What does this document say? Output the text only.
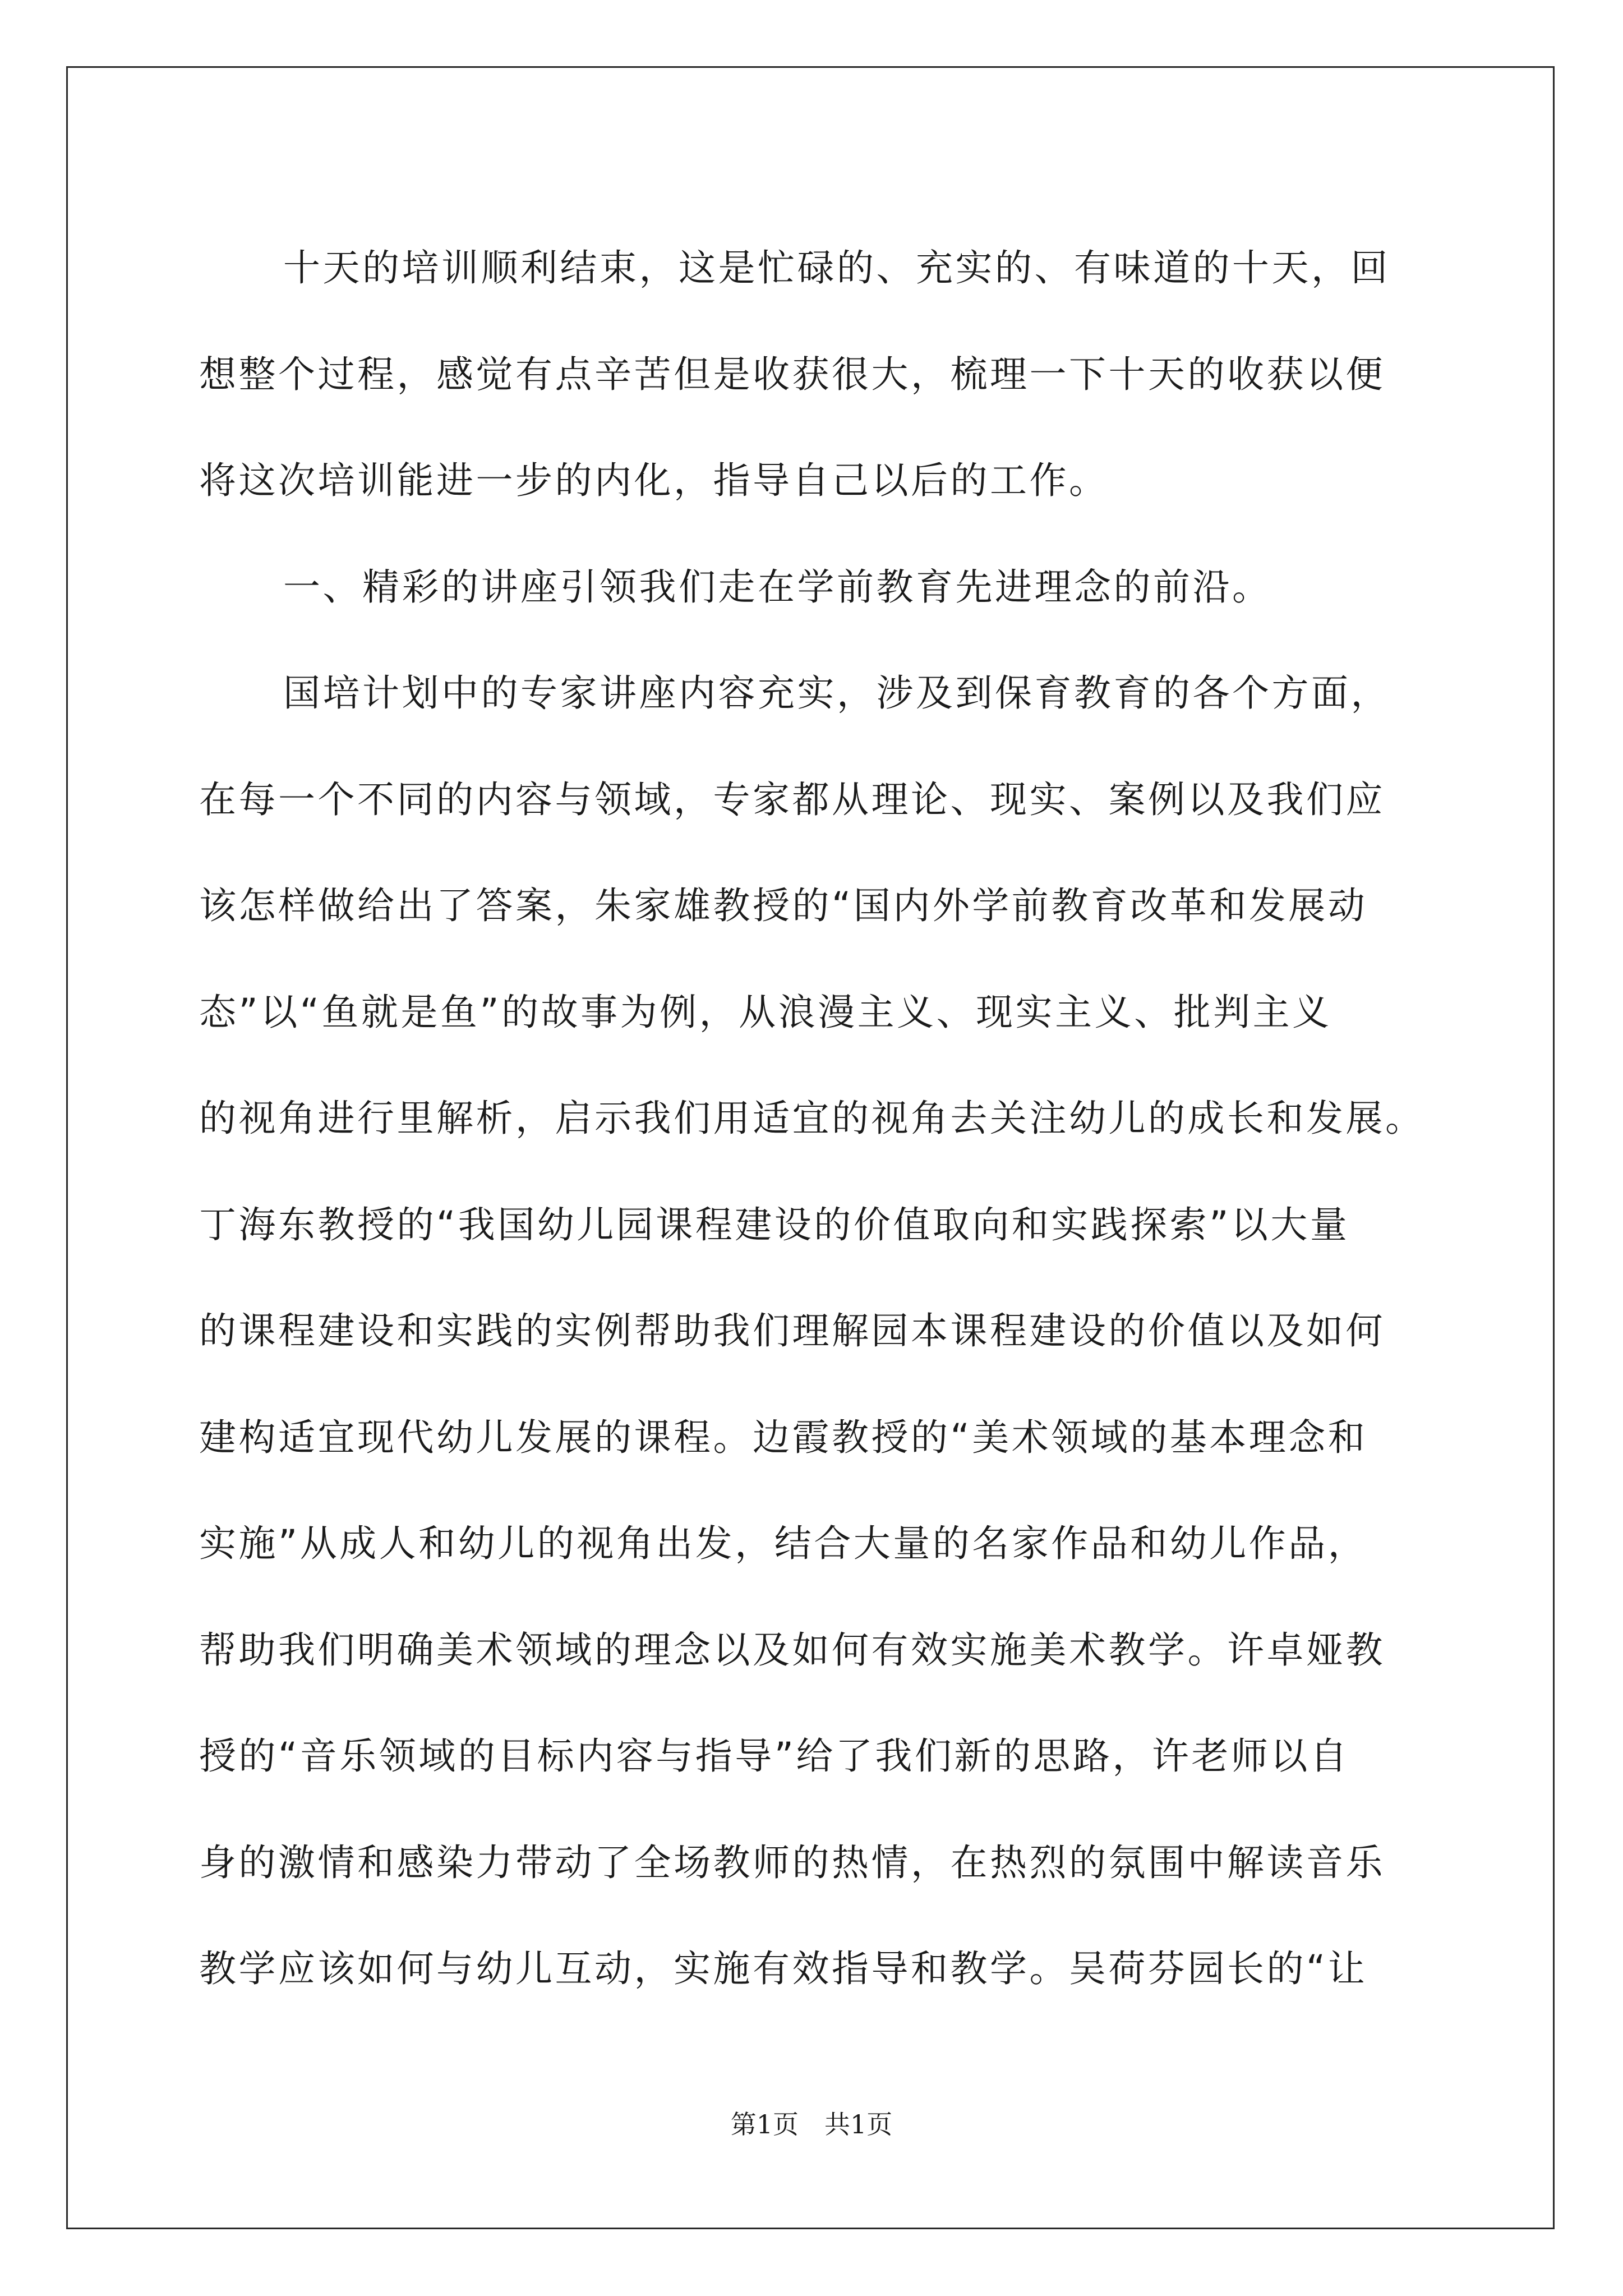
十天的培训顺利结束，这是忙碌的、充实的、有味道的十天，回
想整个过程，感觉有点辛苦但是收获很大，梳理一下十天的收获以便
将这次培训能进一步的内化，指导自己以后的工作。
一、精彩的讲座引领我们走在学前教育先进理念的前沿。
国培计划中的专家讲座内容充实，涉及到保育教育的各个方面，
在每一个不同的内容与领域，专家都从理论、现实、案例以及我们应
该怎样做给出了答案，朱家雄教授的“国内外学前教育改革和发展动
态”以“鱼就是鱼”的故事为例，从浪漫主义、现实主义、批判主义
的视角进行里解析，启示我们用适宜的视角去关注幼儿的成长和发展。
丁海东教授的“我国幼儿园课程建设的价值取向和实践探索”以大量
的课程建设和实践的实例帮助我们理解园本课程建设的价值以及如何
建构适宜现代幼儿发展的课程。边霞教授的“美术领域的基本理念和
实施”从成人和幼儿的视角出发，结合大量的名家作品和幼儿作品，
帮助我们明确美术领域的理念以及如何有效实施美术教学。许卓娅教
授的“音乐领域的目标内容与指导”给了我们新的思路，许老师以自
身的激情和感染力带动了全场教师的热情，在热烈的氛围中解读音乐
教学应该如何与幼儿互动，实施有效指导和教学。吴荷芬园长的“让
第1页 共1页
